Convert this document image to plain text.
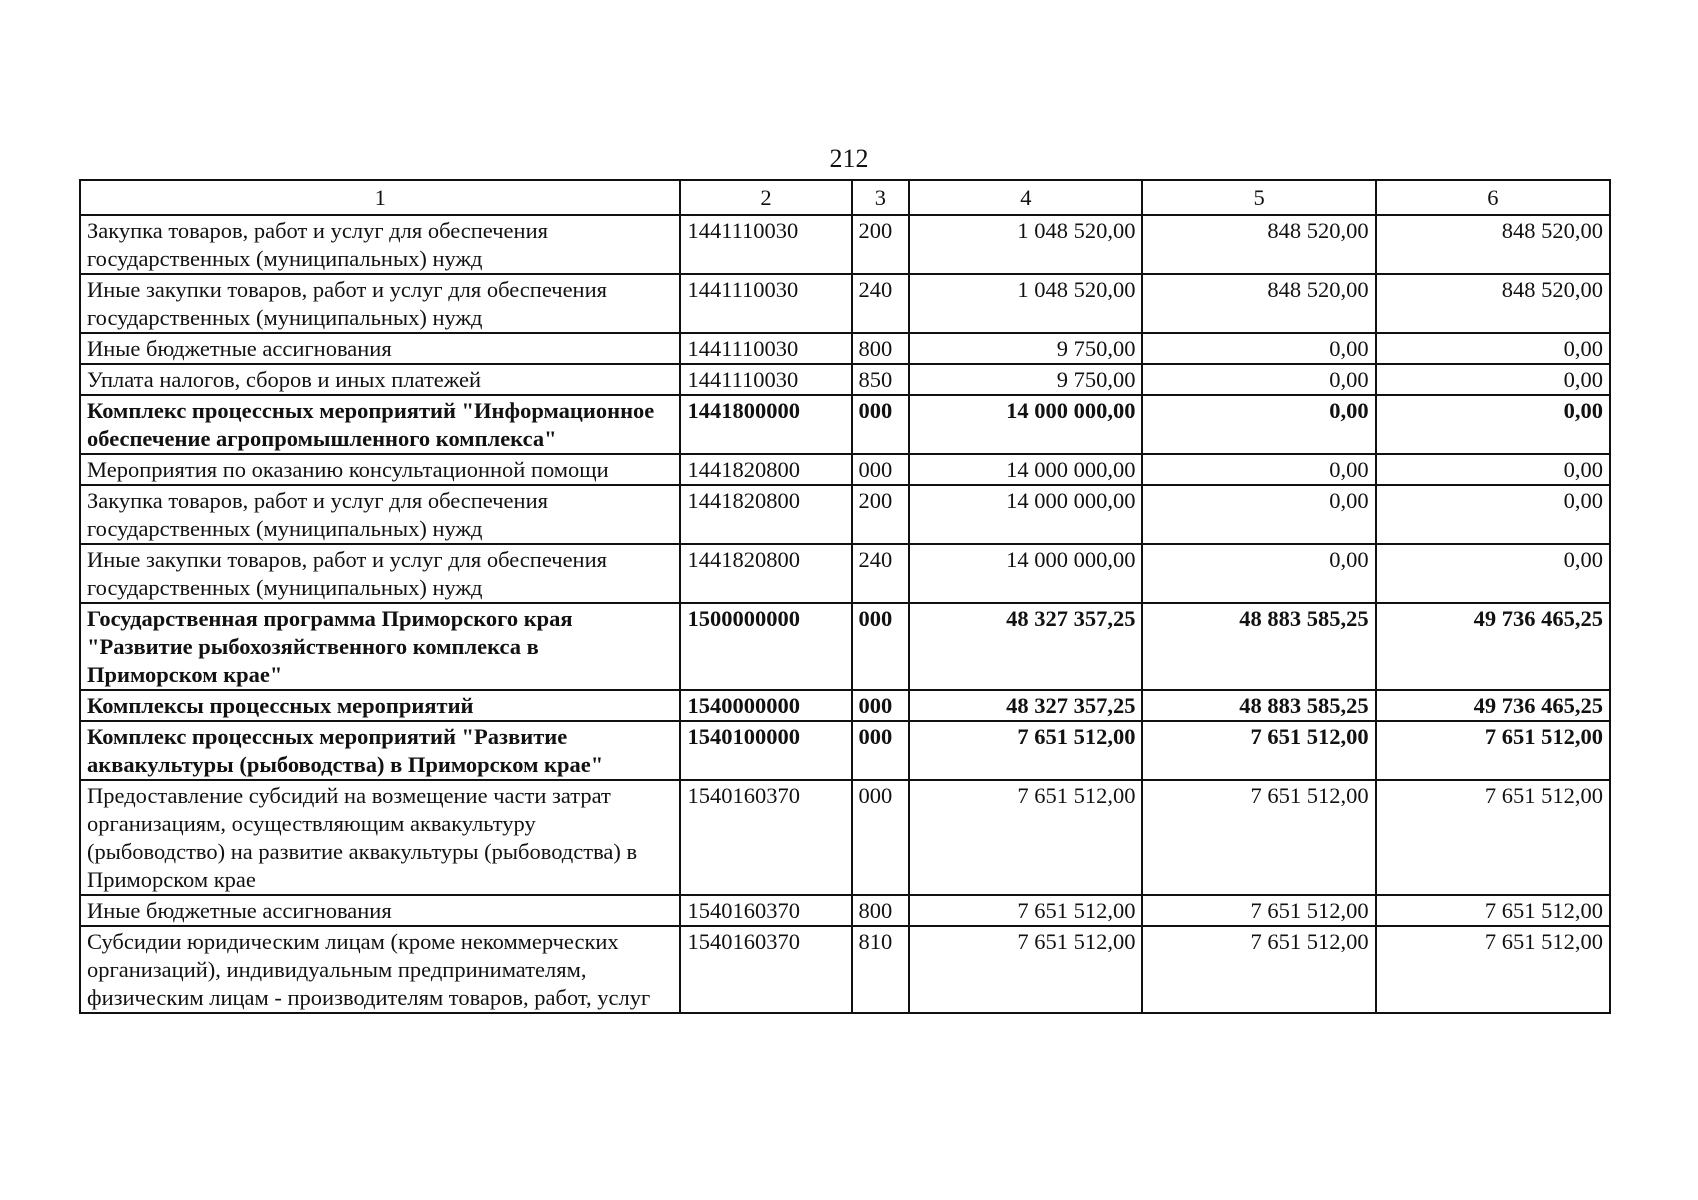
212
1	2	3	4	5	6
Закупка товаров, работ и услуг для обеспечения государственных (муниципальных) нужд	1441110030	200	1 048 520,00	848 520,00	848 520,00
Иные закупки товаров, работ и услуг для обеспечения государственных (муниципальных) нужд	1441110030	240	1 048 520,00	848 520,00	848 520,00
Иные бюджетные ассигнования	1441110030	800	9 750,00	0,00	0,00
Уплата налогов, сборов и иных платежей	1441110030	850	9 750,00	0,00	0,00
Комплекс процессных мероприятий "Информационное обеспечение агропромышленного комплекса"	1441800000	000	14 000 000,00	0,00	0,00
Мероприятия по оказанию консультационной помощи	1441820800	000	14 000 000,00	0,00	0,00
Закупка товаров, работ и услуг для обеспечения государственных (муниципальных) нужд	1441820800	200	14 000 000,00	0,00	0,00
Иные закупки товаров, работ и услуг для обеспечения государственных (муниципальных) нужд	1441820800	240	14 000 000,00	0,00	0,00
Государственная программа Приморского края "Развитие рыбохозяйственного комплекса в Приморском крае"	1500000000	000	48 327 357,25	48 883 585,25	49 736 465,25
Комплексы процессных мероприятий	1540000000	000	48 327 357,25	48 883 585,25	49 736 465,25
Комплекс процессных мероприятий "Развитие аквакультуры (рыбоводства) в Приморском крае"	1540100000	000	7 651 512,00	7 651 512,00	7 651 512,00
Предоставление субсидий на возмещение части затрат организациям, осуществляющим аквакультуру (рыбоводство) на развитие аквакультуры (рыбоводства) в Приморском крае	1540160370	000	7 651 512,00	7 651 512,00	7 651 512,00
Иные бюджетные ассигнования	1540160370	800	7 651 512,00	7 651 512,00	7 651 512,00
Субсидии юридическим лицам (кроме некоммерческих организаций), индивидуальным предпринимателям, физическим лицам - производителям товаров, работ, услуг	1540160370	810	7 651 512,00	7 651 512,00	7 651 512,00
